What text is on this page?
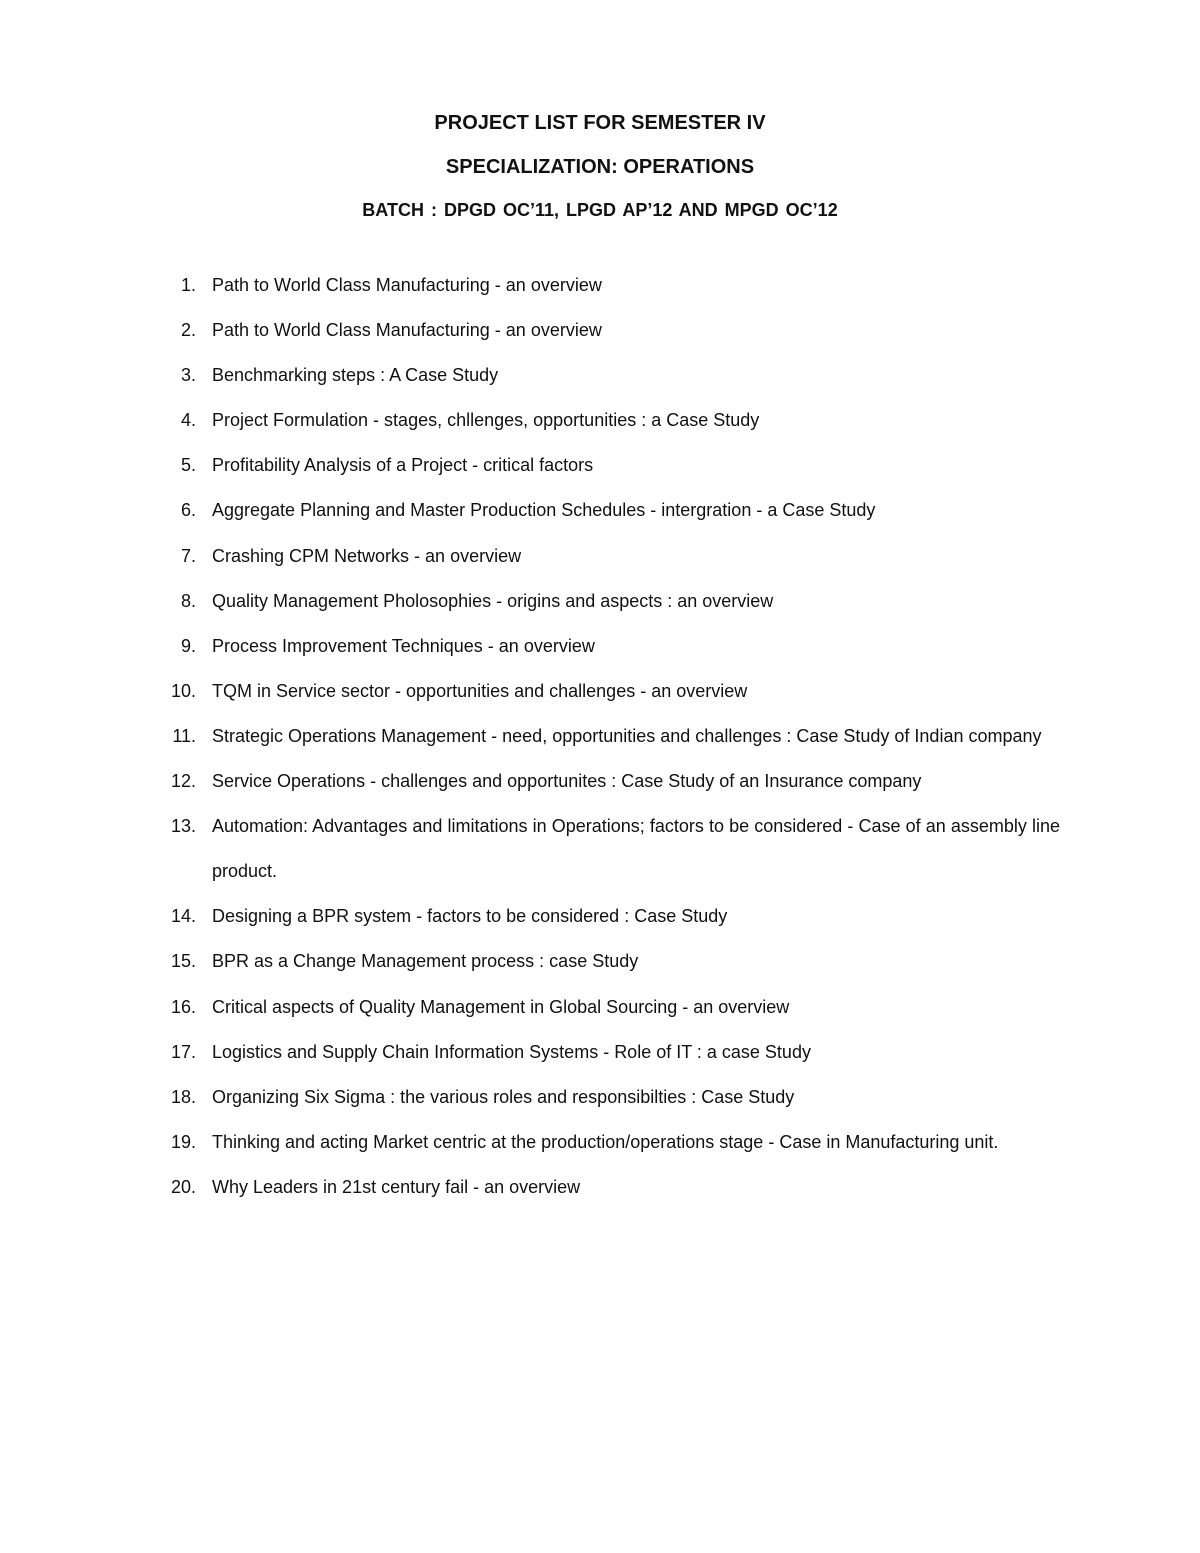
PROJECT LIST FOR SEMESTER IV
SPECIALIZATION: OPERATIONS
BATCH : DPGD OC’11, LPGD AP’12 AND MPGD OC’12
1. Path to World Class Manufacturing - an overview
2. Path to World Class Manufacturing - an overview
3. Benchmarking steps : A Case Study
4. Project Formulation - stages, chllenges, opportunities : a Case Study
5. Profitability Analysis of a Project - critical factors
6. Aggregate Planning and Master Production Schedules - intergration - a Case Study
7. Crashing CPM Networks - an overview
8. Quality Management Pholosophies - origins and aspects : an overview
9. Process Improvement Techniques - an overview
10. TQM in Service sector - opportunities and challenges - an overview
11. Strategic Operations Management - need, opportunities and challenges : Case Study of Indian company
12. Service Operations - challenges and opportunites : Case Study of an Insurance company
13. Automation: Advantages and limitations in Operations; factors to be considered - Case of an assembly line product.
14. Designing a BPR system - factors to be considered : Case Study
15. BPR as a Change Management process : case Study
16. Critical aspects of Quality Management in Global Sourcing - an overview
17. Logistics and Supply Chain Information Systems - Role of IT : a case Study
18. Organizing Six Sigma : the various roles and responsibilties : Case Study
19. Thinking and acting Market centric at the production/operations stage - Case in Manufacturing unit.
20. Why Leaders in 21st century fail - an overview
